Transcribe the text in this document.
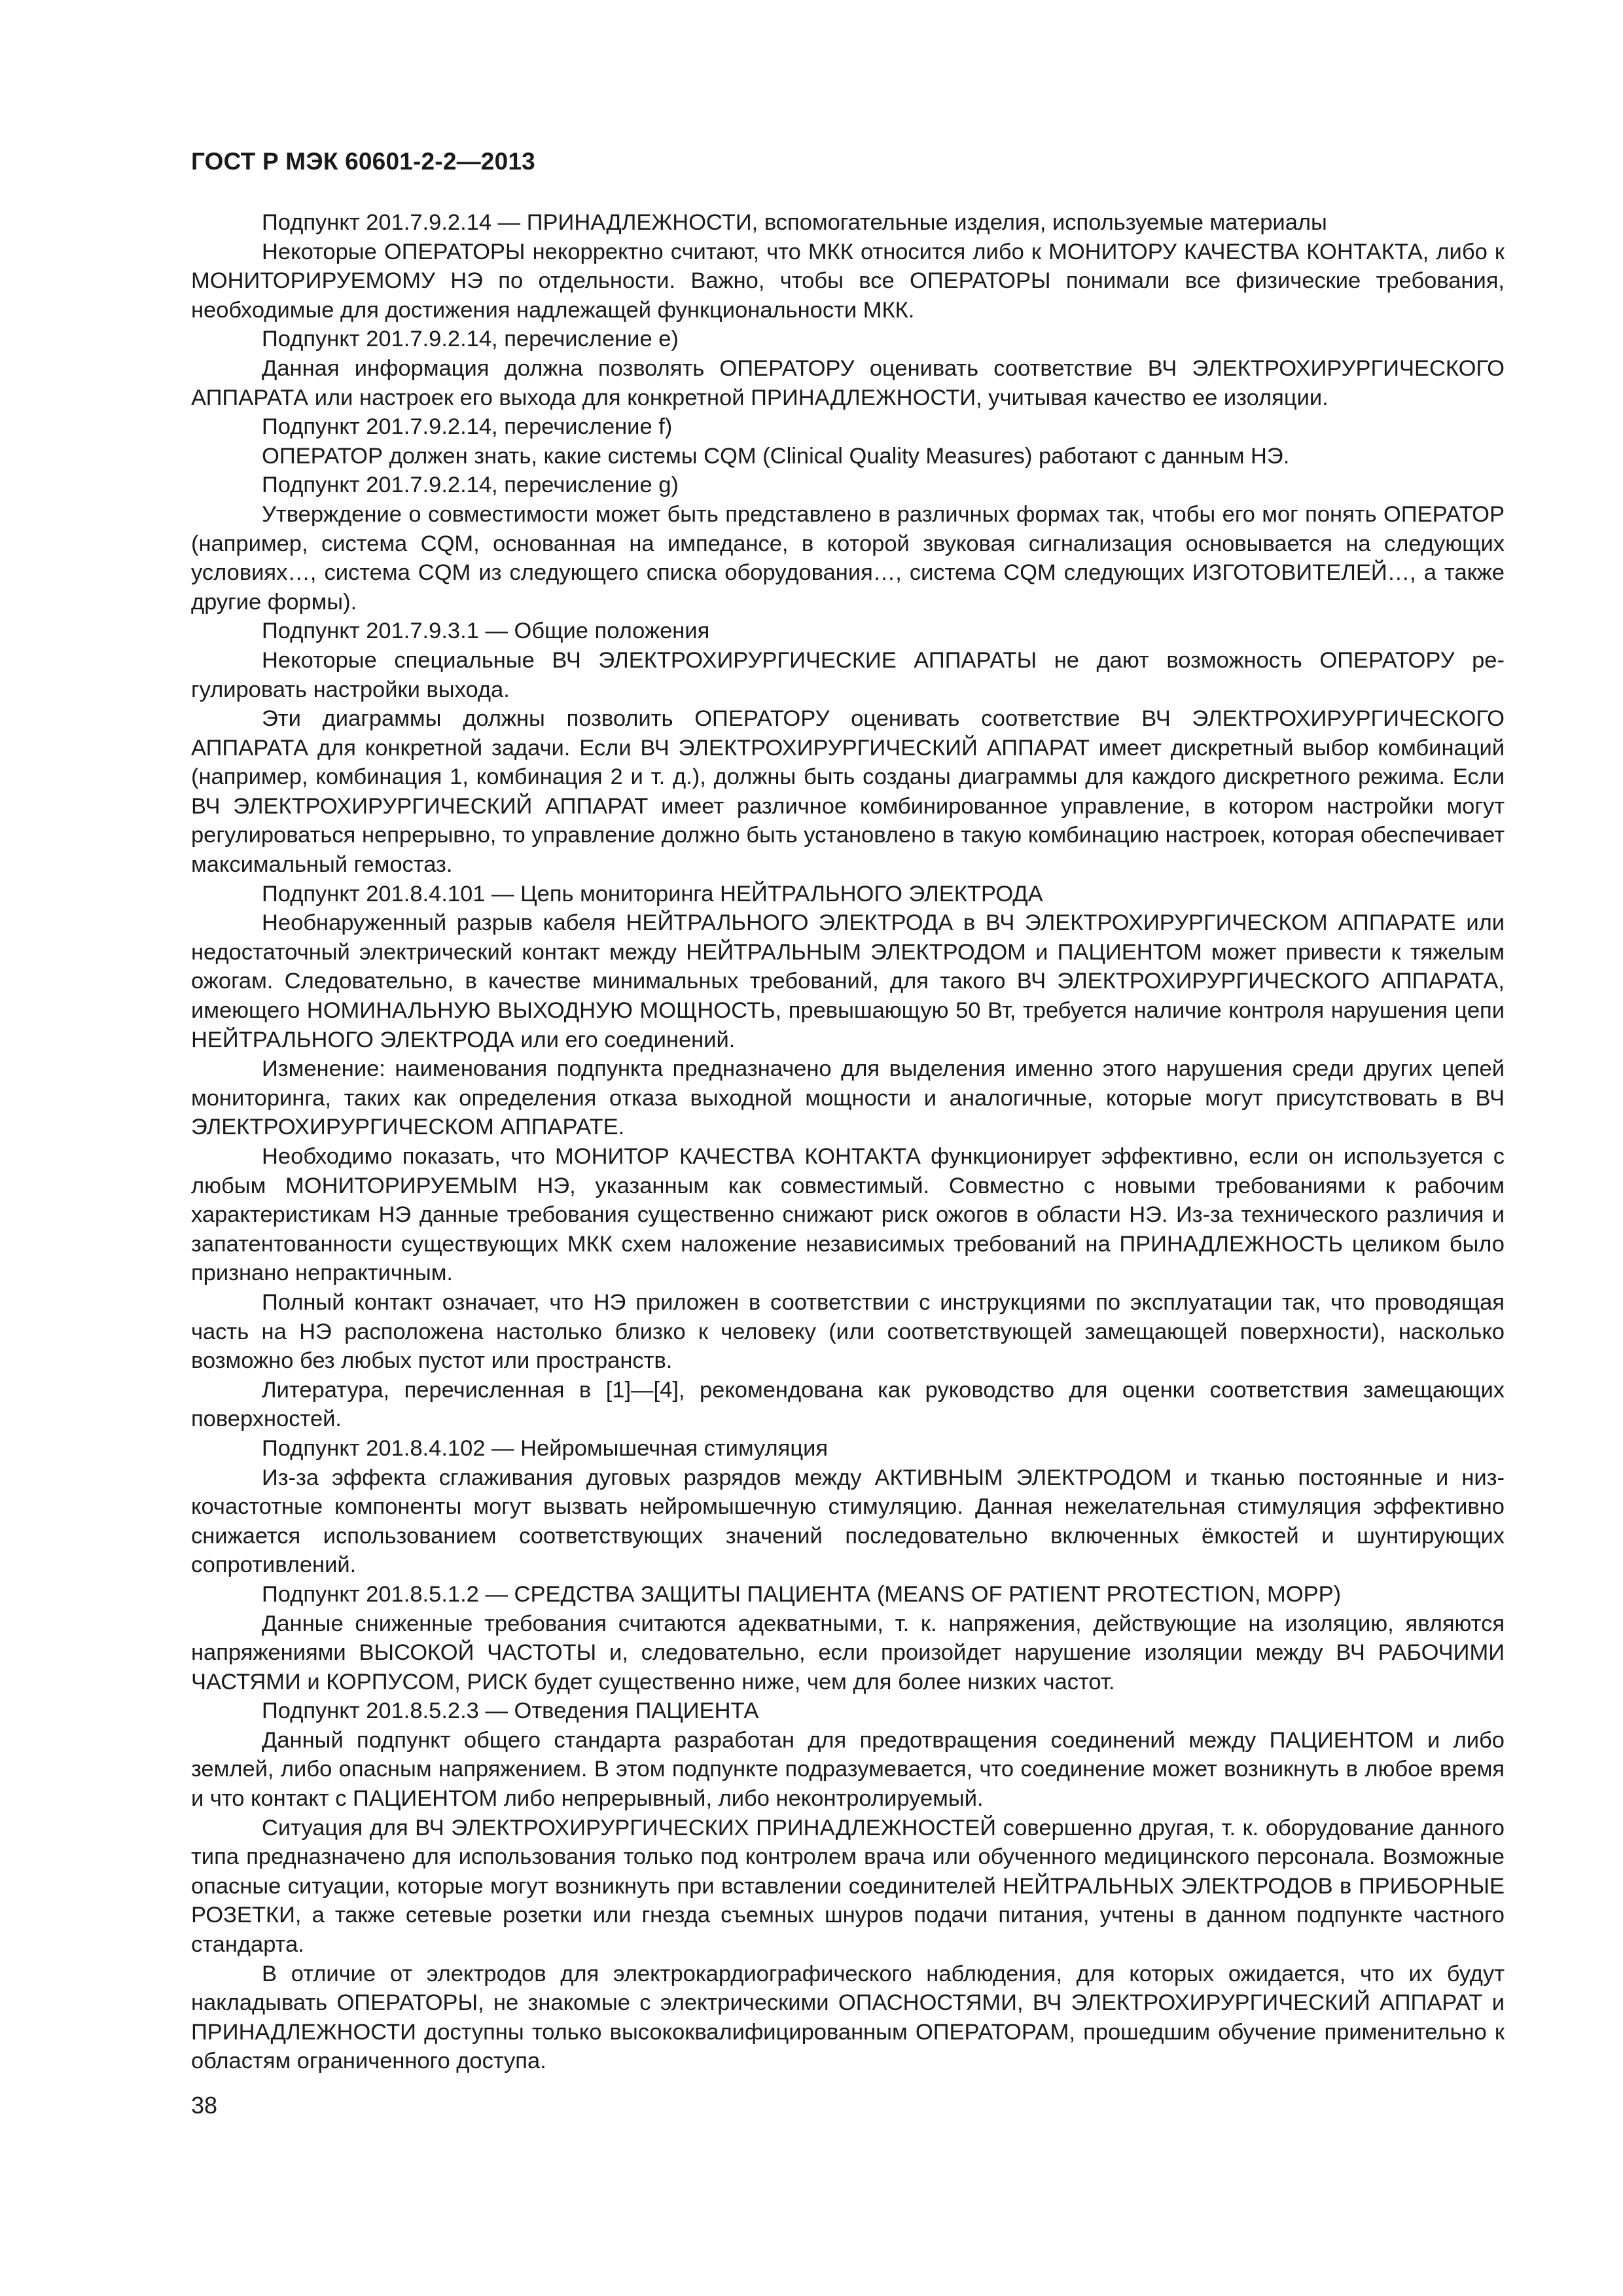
ГОСТ Р МЭК 60601-2-2—2013

Подпункт 201.7.9.2.14 — ПРИНАДЛЕЖНОСТИ, вспомогательные изделия, используемые материалы

Некоторые ОПЕРАТОРЫ некорректно считают, что МКК относится либо к МОНИТОРУ КАЧЕСТВА КОНТАКТА, либо к МОНИТОРИРУЕМОМУ НЭ по отдельности. Важно, чтобы все ОПЕРАТОРЫ понимали все физические требования, необходимые для достижения надлежащей функциональности МКК.

Подпункт 201.7.9.2.14, перечисление е)

Данная информация должна позволять ОПЕРАТОРУ оценивать соответствие ВЧ ЭЛЕКТРОХИРУРГИЧЕСКОГО АППАРАТА или настроек его выхода для конкретной ПРИНАДЛЕЖНОСТИ, учитывая качество ее изоляции.

Подпункт 201.7.9.2.14, перечисление f)

ОПЕРАТОР должен знать, какие системы CQM (Clinical Quality Measures) работают с данным НЭ.

Подпункт 201.7.9.2.14, перечисление g)

Утверждение о совместимости может быть представлено в различных формах так, чтобы его мог понять ОПЕРАТОР (например, система CQM, основанная на импедансе, в которой звуковая сигнализация основывается на следующих условиях…, система CQM из следующего списка оборудования…, система CQM следующих ИЗГОТОВИТЕЛЕЙ…, а также другие формы).

Подпункт 201.7.9.3.1 — Общие положения

Некоторые специальные ВЧ ЭЛЕКТРОХИРУРГИЧЕСКИЕ АППАРАТЫ не дают возможность ОПЕРАТОРУ регулировать настройки выхода.

Эти диаграммы должны позволить ОПЕРАТОРУ оценивать соответствие ВЧ ЭЛЕКТРОХИРУРГИЧЕСКОГО АППАРАТА для конкретной задачи. Если ВЧ ЭЛЕКТРОХИРУРГИЧЕСКИЙ АППАРАТ имеет дискретный выбор комбинаций (например, комбинация 1, комбинация 2 и т. д.), должны быть созданы диаграммы для каждого дискретного режима. Если ВЧ ЭЛЕКТРОХИРУРГИЧЕСКИЙ АППАРАТ имеет различное комбинированное управление, в котором настройки могут регулироваться непрерывно, то управление должно быть установлено в такую комбинацию настроек, которая обеспечивает максимальный гемостаз.

Подпункт 201.8.4.101 — Цепь мониторинга НЕЙТРАЛЬНОГО ЭЛЕКТРОДА

Необнаруженный разрыв кабеля НЕЙТРАЛЬНОГО ЭЛЕКТРОДА в ВЧ ЭЛЕКТРОХИРУРГИЧЕСКОМ АППАРАТЕ или недостаточный электрический контакт между НЕЙТРАЛЬНЫМ ЭЛЕКТРОДОМ и ПАЦИЕНТОМ может привести к тяжелым ожогам. Следовательно, в качестве минимальных требований, для такого ВЧ ЭЛЕКТРОХИРУРГИЧЕСКОГО АППАРАТА, имеющего НОМИНАЛЬНУЮ ВЫХОДНУЮ МОЩНОСТЬ, превышающую 50 Вт, требуется наличие контроля нарушения цепи НЕЙТРАЛЬНОГО ЭЛЕКТРОДА или его соединений.

Изменение: наименования подпункта предназначено для выделения именно этого нарушения среди других цепей мониторинга, таких как определения отказа выходной мощности и аналогичные, которые могут присутствовать в ВЧ ЭЛЕКТРОХИРУРГИЧЕСКОМ АППАРАТЕ.

Необходимо показать, что МОНИТОР КАЧЕСТВА КОНТАКТА функционирует эффективно, если он используется с любым МОНИТОРИРУЕМЫМ НЭ, указанным как совместимый. Совместно с новыми требованиями к рабочим характеристикам НЭ данные требования существенно снижают риск ожогов в области НЭ. Из-за технического различия и запатентованности существующих МКК схем наложение независимых требований на ПРИНАДЛЕЖНОСТЬ целиком было признано непрактичным.

Полный контакт означает, что НЭ приложен в соответствии с инструкциями по эксплуатации так, что проводящая часть на НЭ расположена настолько близко к человеку (или соответствующей замещающей поверхности), насколько возможно без любых пустот или пространств.

Литература, перечисленная в [1]—[4], рекомендована как руководство для оценки соответствия замещающих поверхностей.

Подпункт 201.8.4.102 — Нейромышечная стимуляция

Из-за эффекта сглаживания дуговых разрядов между АКТИВНЫМ ЭЛЕКТРОДОМ и тканью постоянные и низкочастотные компоненты могут вызвать нейромышечную стимуляцию. Данная нежелательная стимуляция эффективно снижается использованием соответствующих значений последовательно включенных ёмкостей и шунтирующих сопротивлений.

Подпункт 201.8.5.1.2 — СРЕДСТВА ЗАЩИТЫ ПАЦИЕНТА (MEANS OF PATIENT PROTECTION, MOPP)

Данные сниженные требования считаются адекватными, т. к. напряжения, действующие на изоляцию, являются напряжениями ВЫСОКОЙ ЧАСТОТЫ и, следовательно, если произойдет нарушение изоляции между ВЧ РАБОЧИМИ ЧАСТЯМИ и КОРПУСОМ, РИСК будет существенно ниже, чем для более низких частот.

Подпункт 201.8.5.2.3 — Отведения ПАЦИЕНТА

Данный подпункт общего стандарта разработан для предотвращения соединений между ПАЦИЕНТОМ и либо землей, либо опасным напряжением. В этом подпункте подразумевается, что соединение может возникнуть в любое время и что контакт с ПАЦИЕНТОМ либо непрерывный, либо неконтролируемый.

Ситуация для ВЧ ЭЛЕКТРОХИРУРГИЧЕСКИХ ПРИНАДЛЕЖНОСТЕЙ совершенно другая, т. к. оборудование данного типа предназначено для использования только под контролем врача или обученного медицинского персонала. Возможные опасные ситуации, которые могут возникнуть при вставлении соединителей НЕЙТРАЛЬНЫХ ЭЛЕКТРОДОВ в ПРИБОРНЫЕ РОЗЕТКИ, а также сетевые розетки или гнезда съемных шнуров подачи питания, учтены в данном подпункте частного стандарта.

В отличие от электродов для электрокардиографического наблюдения, для которых ожидается, что их будут накладывать ОПЕРАТОРЫ, не знакомые с электрическими ОПАСНОСТЯМИ, ВЧ ЭЛЕКТРОХИРУРГИЧЕСКИЙ АППАРАТ и ПРИНАДЛЕЖНОСТИ доступны только высококвалифицированным ОПЕРАТОРАМ, прошедшим обучение применительно к областям ограниченного доступа.

38
